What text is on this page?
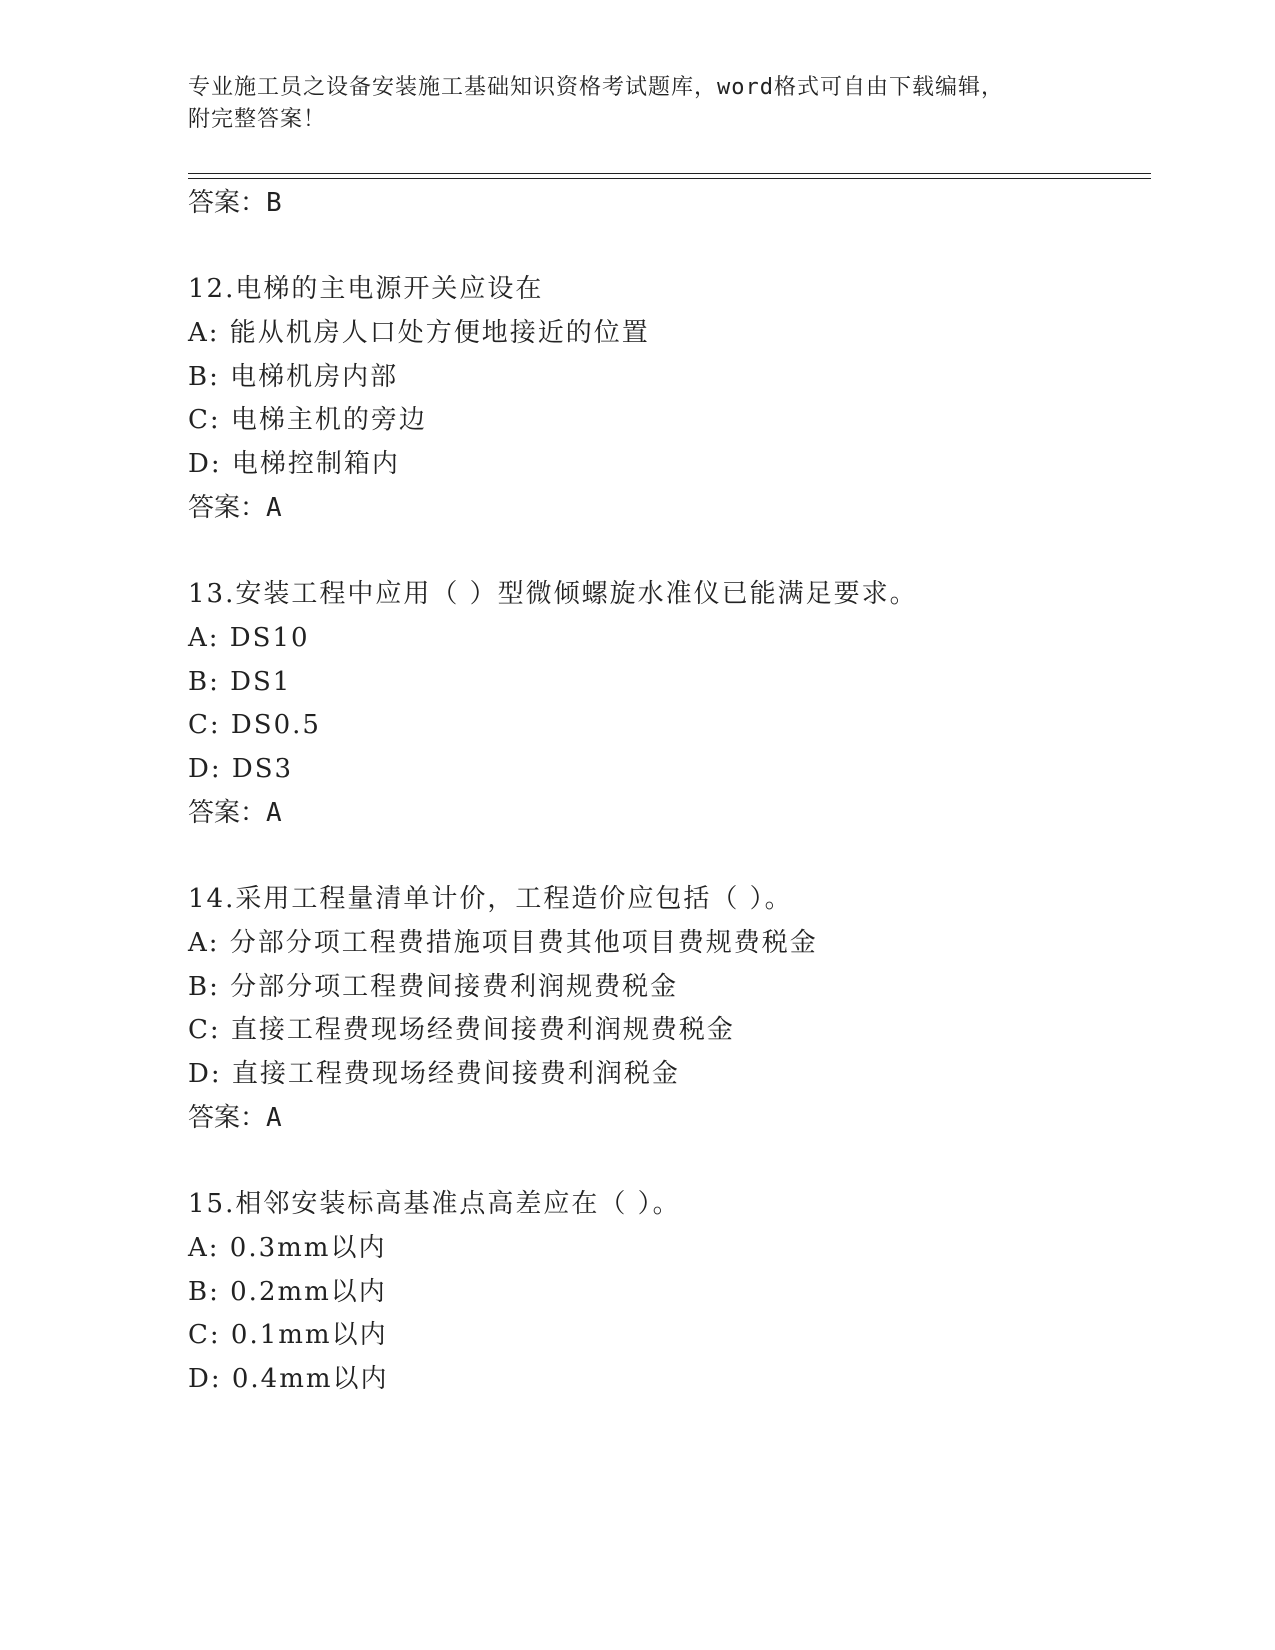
专业施工员之设备安装施工基础知识资格考试题库，word格式可自由下载编辑，
附完整答案！
答案：B
12.电梯的主电源开关应设在
A: 能从机房人口处方便地接近的位置
B: 电梯机房内部
C: 电梯主机的旁边
D: 电梯控制箱内
答案：A
13.安装工程中应用（ ）型微倾螺旋水准仪已能满足要求。
A: DS10
B: DS1
C: DS0.5
D: DS3
答案：A
14.采用工程量清单计价，工程造价应包括（ ）。
A: 分部分项工程费措施项目费其他项目费规费税金
B: 分部分项工程费间接费利润规费税金
C: 直接工程费现场经费间接费利润规费税金
D: 直接工程费现场经费间接费利润税金
答案：A
15.相邻安装标高基准点高差应在（ ）。
A: 0.3mm以内
B: 0.2mm以内
C: 0.1mm以内
D: 0.4mm以内
